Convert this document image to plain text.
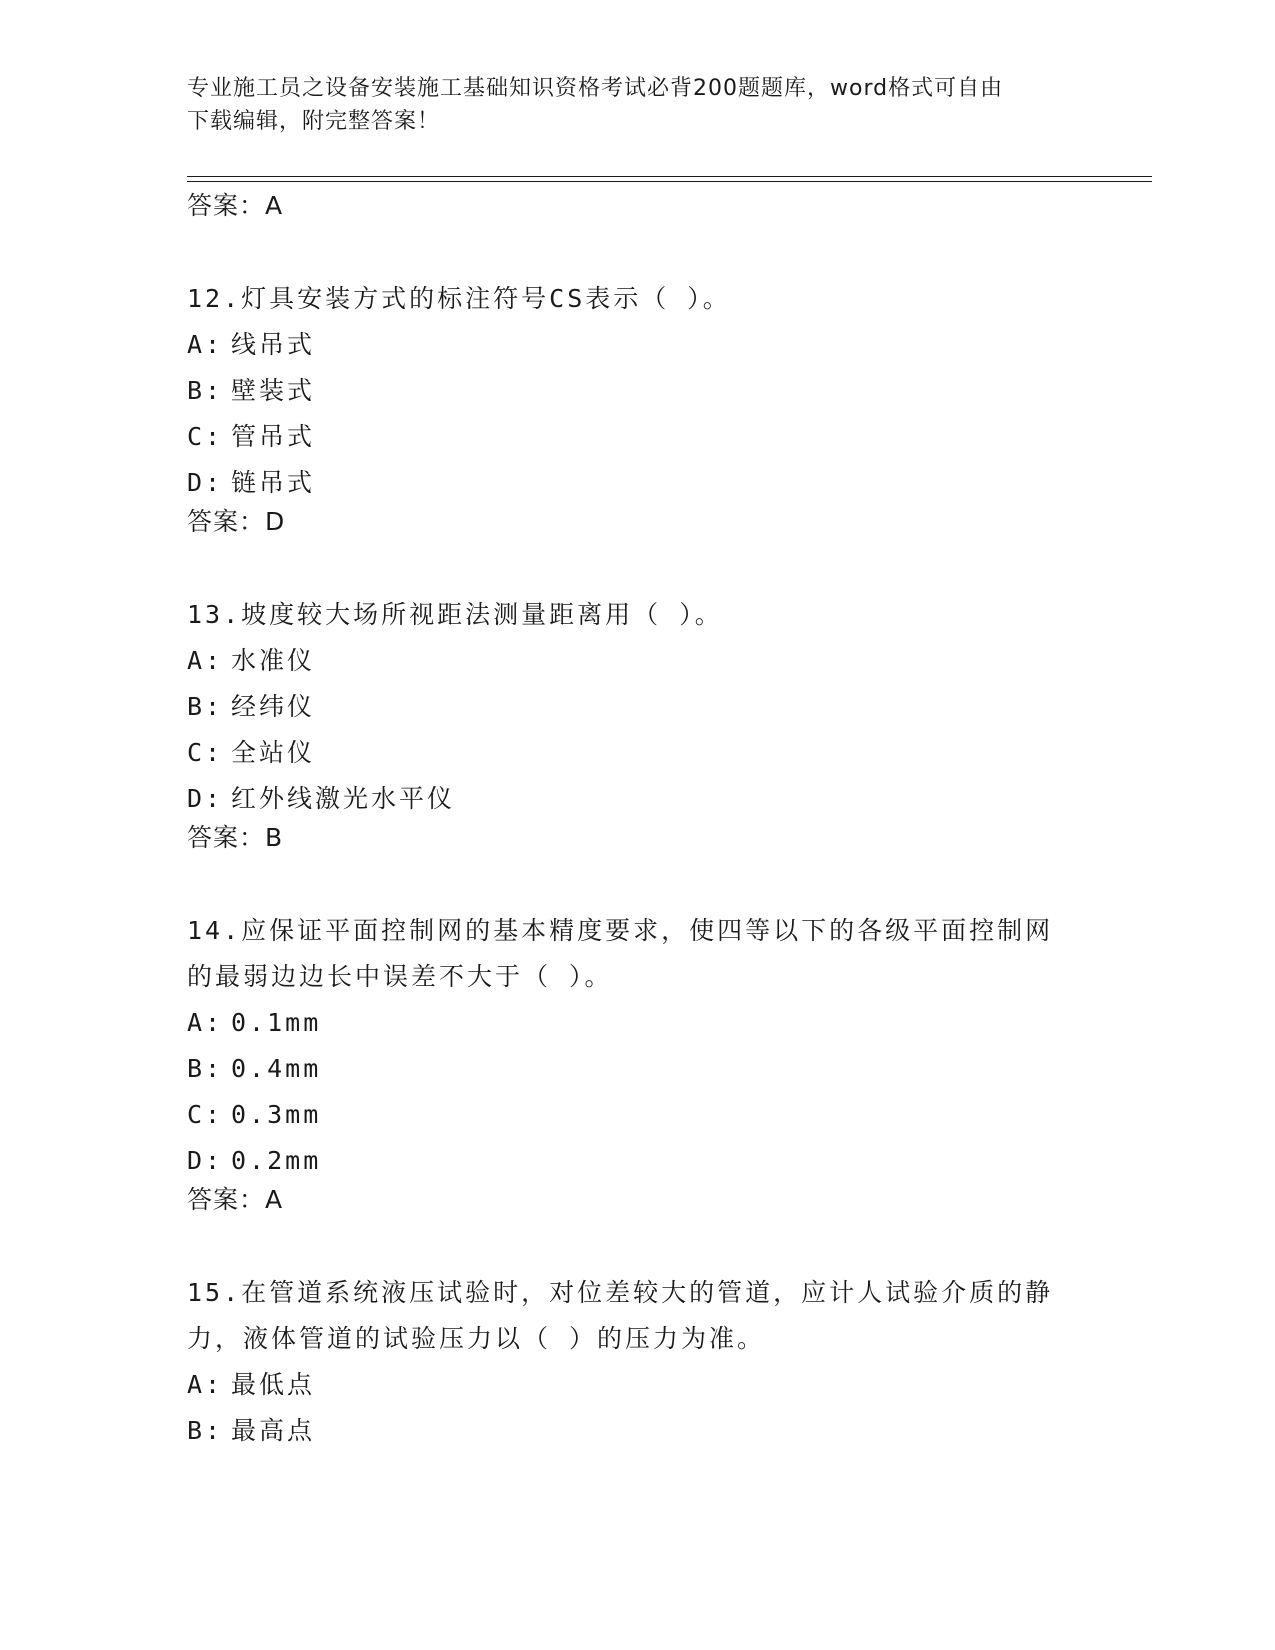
专业施工员之设备安装施工基础知识资格考试必背200题题库，word格式可自由
下载编辑，附完整答案！
答案：A
12.灯具安装方式的标注符号CS表示（ ）。
A: 线吊式
B: 壁装式
C: 管吊式
D: 链吊式
答案：D
13.坡度较大场所视距法测量距离用（ ）。
A: 水准仪
B: 经纬仪
C: 全站仪
D: 红外线激光水平仪
答案：B
14.应保证平面控制网的基本精度要求，使四等以下的各级平面控制网的最弱边边长中误差不大于（ ）。
A: 0.1mm
B: 0.4mm
C: 0.3mm
D: 0.2mm
答案：A
15.在管道系统液压试验时，对位差较大的管道，应计人试验介质的静力，液体管道的试验压力以（ ）的压力为准。
A: 最低点
B: 最高点
